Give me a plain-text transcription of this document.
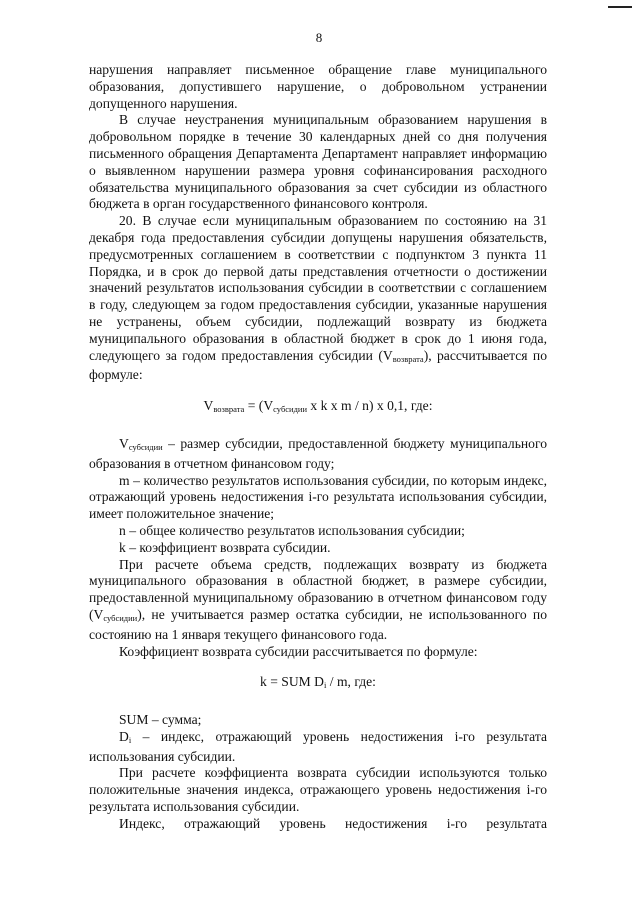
8

нарушения направляет письменное обращение главе муниципального образования, допустившего нарушение, о добровольном устранении допущенного нарушения.

В случае неустранения муниципальным образованием нарушения в добровольном порядке в течение 30 календарных дней со дня получения письменного обращения Департамента Департамент направляет информацию о выявленном нарушении размера уровня софинансирования расходного обязательства муниципального образования за счет субсидии из областного бюджета в орган государственного финансового контроля.

20. В случае если муниципальным образованием по состоянию на 31 декабря года предоставления субсидии допущены нарушения обязательств, предусмотренных соглашением в соответствии с подпунктом 3 пункта 11 Порядка, и в срок до первой даты представления отчетности о достижении значений результатов использования субсидии в соответствии с соглашением в году, следующем за годом предоставления субсидии, указанные нарушения не устранены, объем субсидии, подлежащий возврату из бюджета муниципального образования в областной бюджет в срок до 1 июня года, следующего за годом предоставления субсидии $(V_{возврата})$, рассчитывается по формуле:

$V_{возврата} = (V_{субсидии}$ x k x m / n) x 0,1, где:

$V_{субсидии}$ – размер субсидии, предоставленной бюджету муниципального образования в отчетном финансовом году;

m – количество результатов использования субсидии, по которым индекс, отражающий уровень недостижения i-го результата использования субсидии, имеет положительное значение;

n – общее количество результатов использования субсидии;

k – коэффициент возврата субсидии.

При расчете объема средств, подлежащих возврату из бюджета муниципального образования в областной бюджет, в размере субсидии, предоставленной муниципальному образованию в отчетном финансовом году $(V_{субсидии})$, не учитывается размер остатка субсидии, не использованного по состоянию на 1 января текущего финансового года.

Коэффициент возврата субсидии рассчитывается по формуле:

k = SUM $D_i$ / m, где:

SUM – сумма;

$D_i$ – индекс, отражающий уровень недостижения i-го результата использования субсидии.

При расчете коэффициента возврата субсидии используются только положительные значения индекса, отражающего уровень недостижения i-го результата использования субсидии.

Индекс, отражающий уровень недостижения i-го результата
